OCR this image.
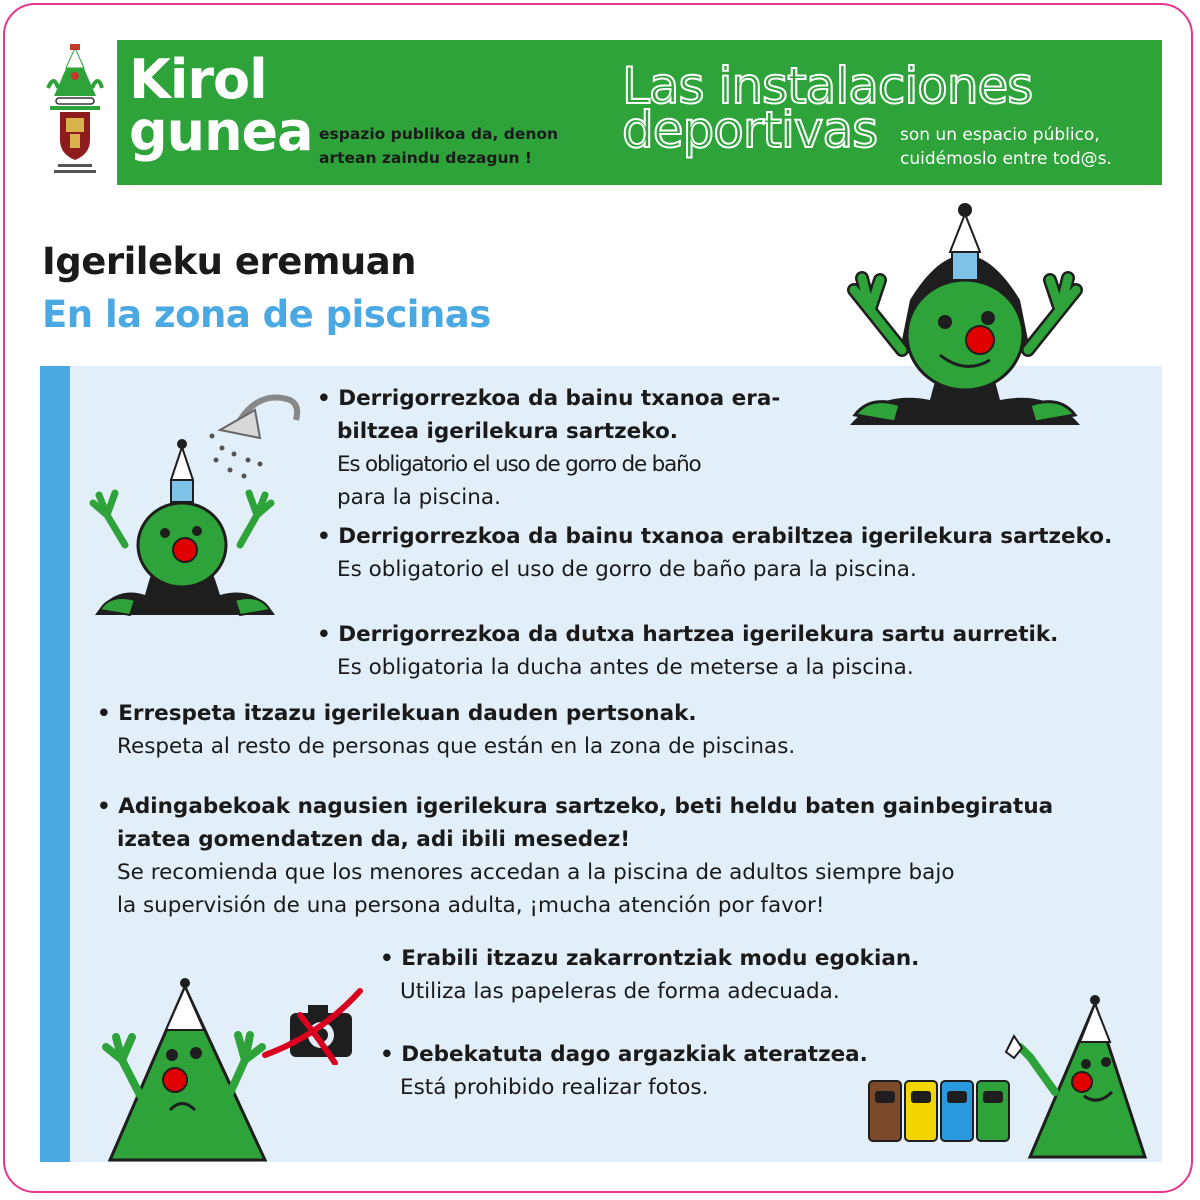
Kirol
gunea espazio publikoa da, denon
artean zaindu dezagun !
Las instalaciones
deportivas	son un espacio público,
cuidémoslo entre tod@s.
Igerileku eremuan
En la zona de piscinas
• Derrigorrezkoa da bainu txanoa era-
biltzea igerilekura sartzeko.
Es obligatorio el uso de gorro de baño
para la piscina.
• Derrigorrezkoa da bainu txanoa erabiltzea igerilekura sartzeko.
Es obligatorio el uso de gorro de baño para la piscina.
• Derrigorrezkoa da dutxa hartzea igerilekura sartu aurretik.
Es obligatoria la ducha antes de meterse a la piscina.
• Errespeta itzazu igerilekuan dauden pertsonak.
Respeta al resto de personas que están en la zona de piscinas.
• Adingabekoak nagusien igerilekura sartzeko, beti heldu baten gainbegiratua
izatea gomendatzen da, adi ibili mesedez!
Se recomienda que los menores accedan a la piscina de adultos siempre bajo
la supervisión de una persona adulta, ¡mucha atención por favor!
• Erabili itzazu zakarrontziak modu egokian.
Utiliza las papeleras de forma adecuada.
• Debekatuta dago argazkiak ateratzea.
Está prohibido realizar fotos.
